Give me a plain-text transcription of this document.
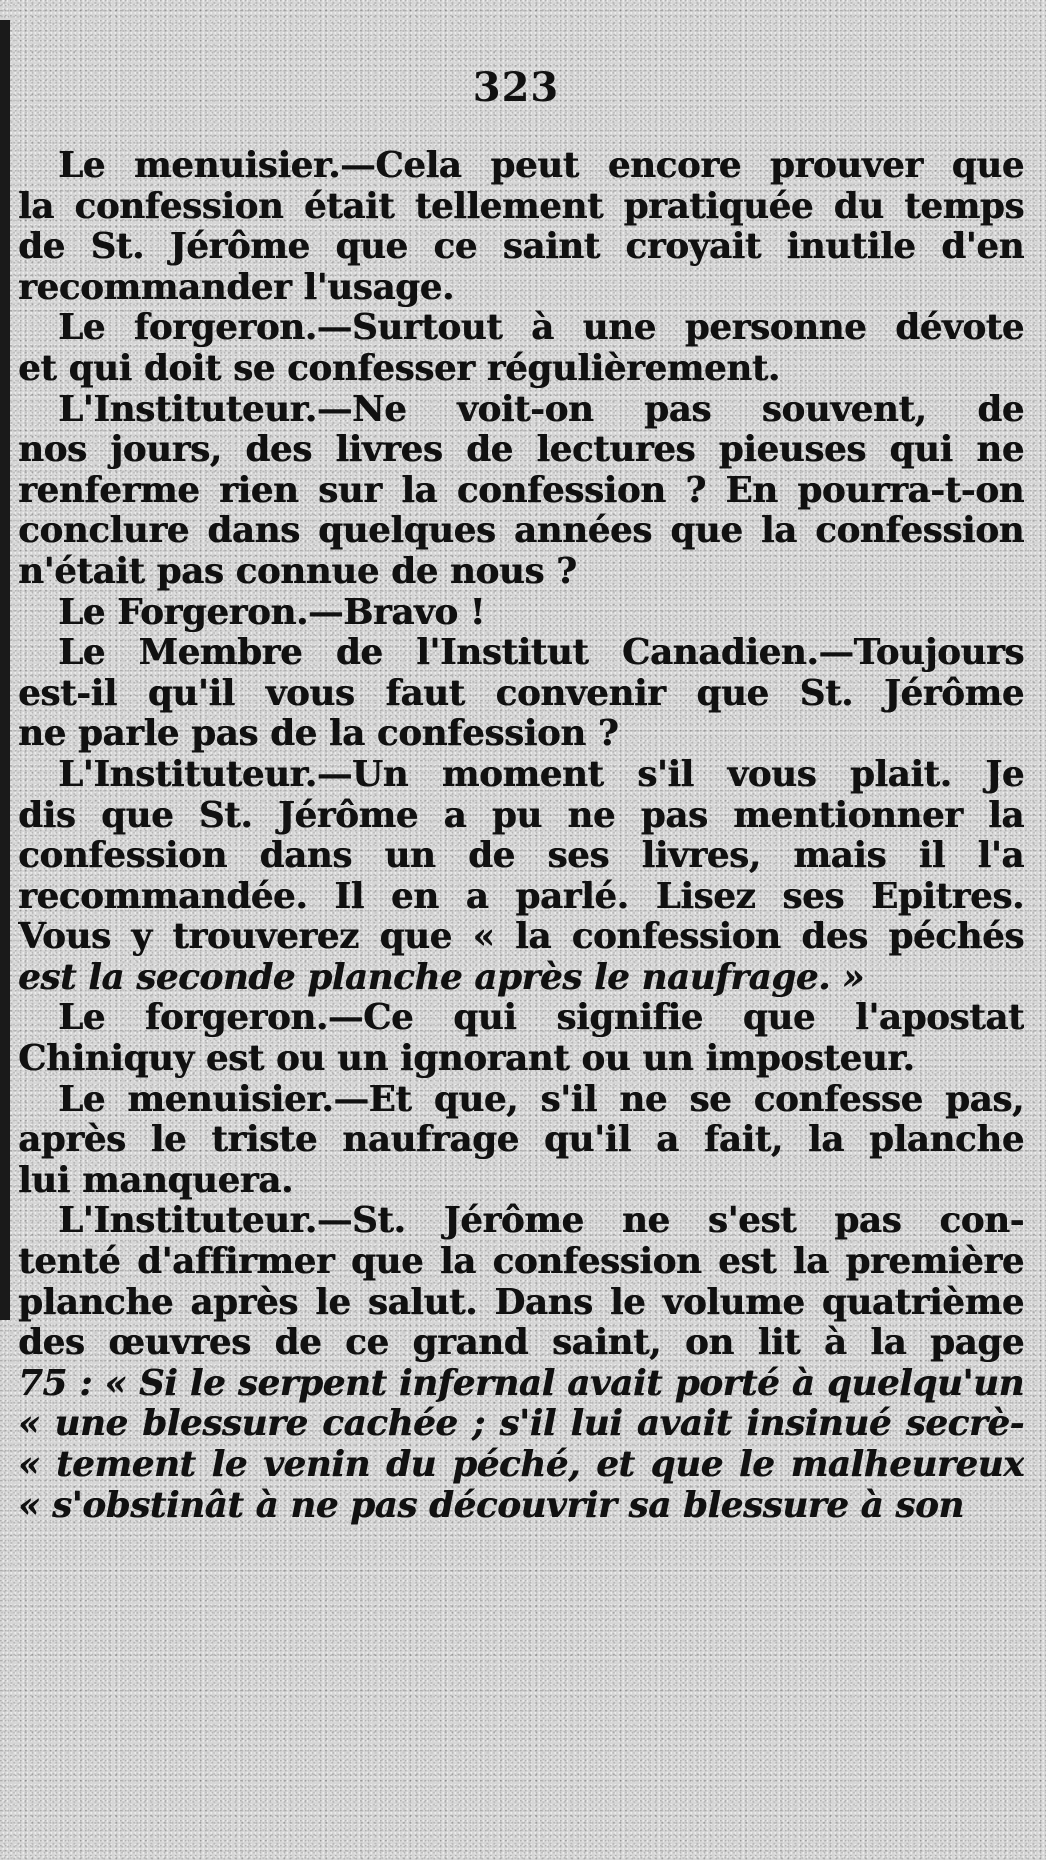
323
Le menuisier.—Cela peut encore prouver que
la confession était tellement pratiquée du temps
de St. Jérôme que ce saint croyait inutile d'en
recommander l'usage.
Le forgeron.—Surtout à une personne dévote
et qui doit se confesser régulièrement.
L'Instituteur.—Ne voit-on pas souvent, de
nos jours, des livres de lectures pieuses qui ne
renferme rien sur la confession ? En pourra-t-on
conclure dans quelques années que la confession
n'était pas connue de nous ?
Le Forgeron.—Bravo !
Le Membre de l'Institut Canadien.—Toujours
est-il qu'il vous faut convenir que St. Jérôme
ne parle pas de la confession ?
L'Instituteur.—Un moment s'il vous plait. Je
dis que St. Jérôme a pu ne pas mentionner la
confession dans un de ses livres, mais il l'a
recommandée. Il en a parlé. Lisez ses Epitres.
Vous y trouverez que « la confession des péchés
est la seconde planche après le naufrage. »
Le forgeron.—Ce qui signifie que l'apostat
Chiniquy est ou un ignorant ou un imposteur.
Le menuisier.—Et que, s'il ne se confesse pas,
après le triste naufrage qu'il a fait, la planche
lui manquera.
L'Instituteur.—St. Jérôme ne s'est pas con-
tenté d'affirmer que la confession est la première
planche après le salut. Dans le volume quatrième
des œuvres de ce grand saint, on lit à la page
75 : « Si le serpent infernal avait porté à quelqu'un
« une blessure cachée ; s'il lui avait insinué secrè-
« tement le venin du péché, et que le malheureux
« s'obstinât à ne pas découvrir sa blessure à son
